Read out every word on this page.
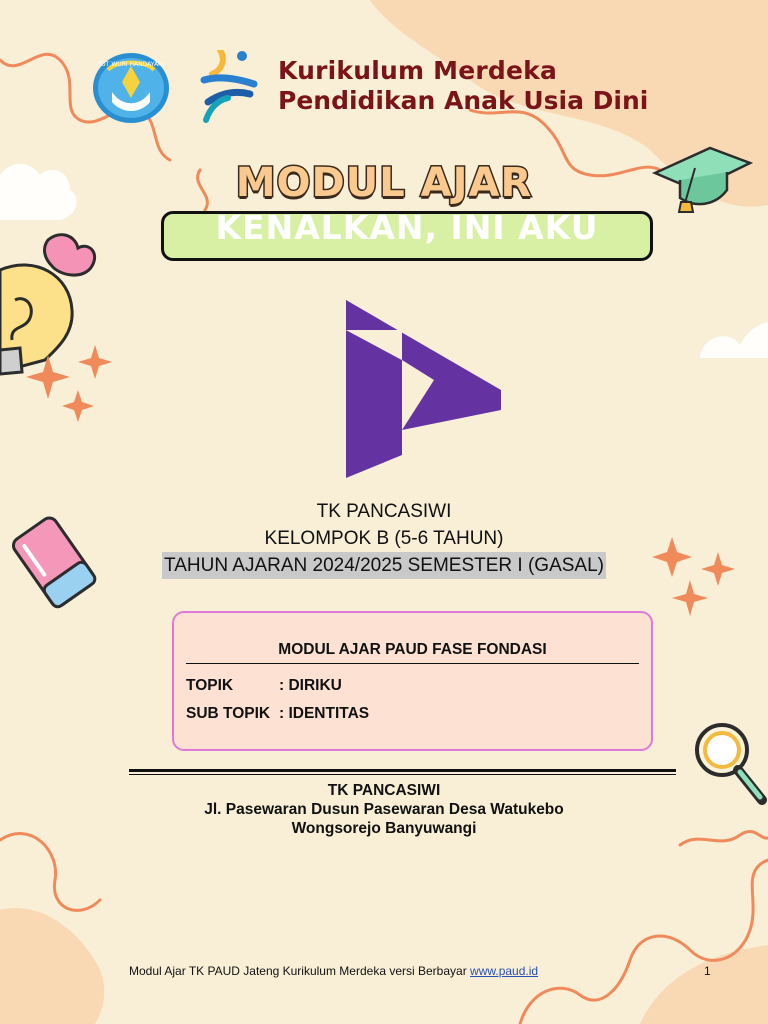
TUT WURI HANDAYANI	Kurikulum Merdeka
Pendidikan Anak Usia Dini
MODUL AJAR
KENALKAN, INI AKU
TK PANCASIWI
KELOMPOK B (5-6 TAHUN)
TAHUN AJARAN 2024/2025 SEMESTER I (GASAL)
MODUL AJAR PAUD FASE FONDASI
TOPIK	: DIRIKU
SUB TOPIK : IDENTITAS
TK PANCASIWI
Jl. Pasewaran Dusun Pasewaran Desa Watukebo
Wongsorejo Banyuwangi
Modul Ajar TK PAUD Jateng Kurikulum Merdeka versi Berbayar www.paud.id	1
